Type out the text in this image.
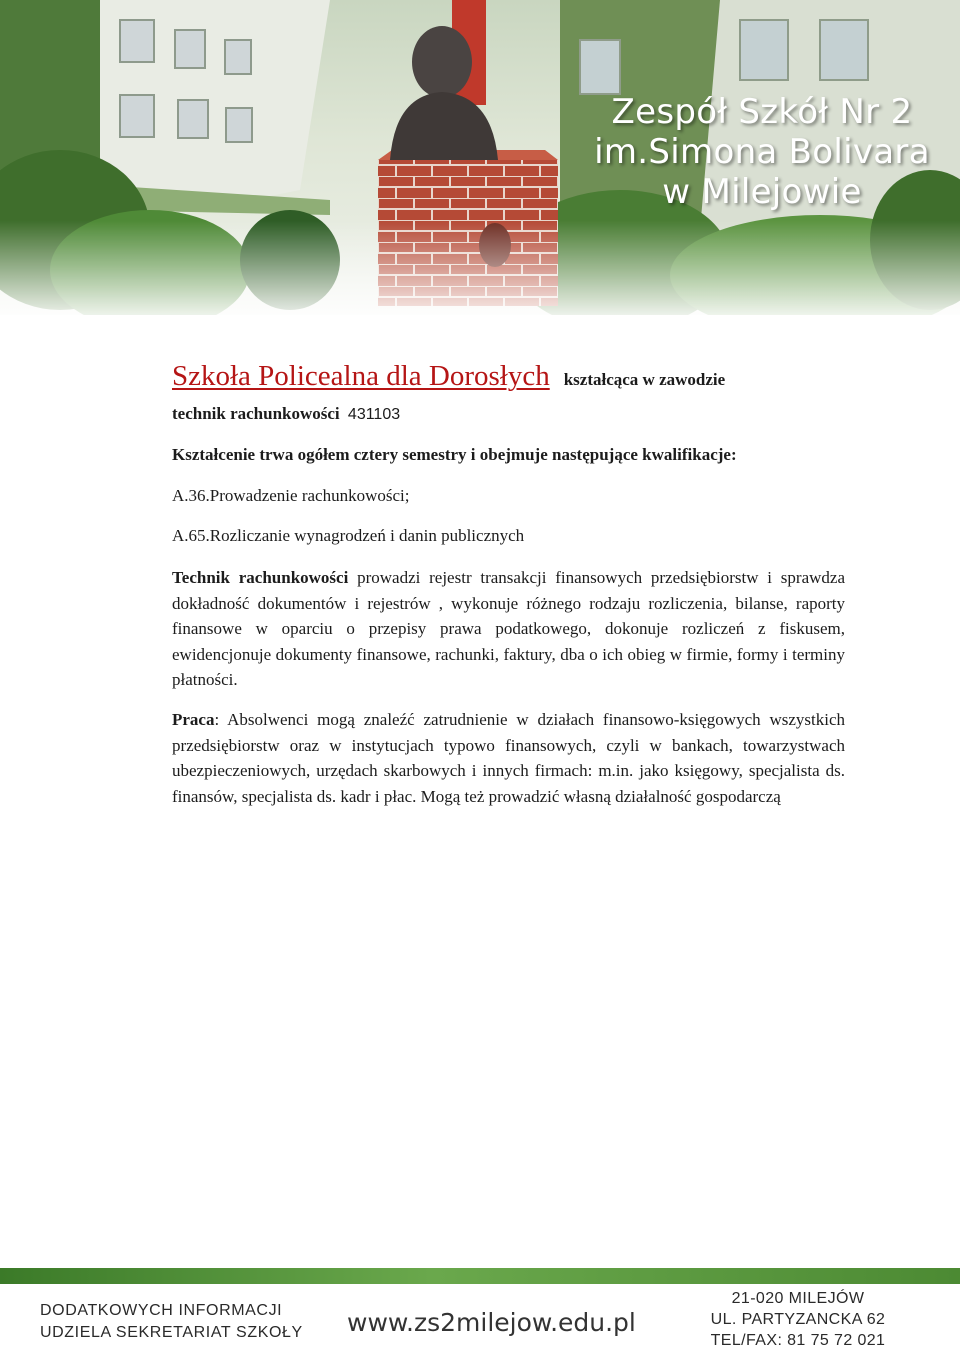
Zespół Szkół Nr 2
im.Simona Bolivara
w Milejowie
Szkoła Policealna dla Dorosłych kształcąca w zawodzie
technik rachunkowości 431103
Kształcenie trwa ogółem cztery semestry i obejmuje następujące kwalifikacje:
A.36.Prowadzenie rachunkowości;
A.65.Rozliczanie wynagrodzeń i danin publicznych
Technik rachunkowości prowadzi rejestr transakcji finansowych przedsiębiorstw i sprawdza dokładność dokumentów i rejestrów , wykonuje różnego rodzaju rozliczenia, bilanse, raporty finansowe w oparciu o przepisy prawa podatkowego, dokonuje rozliczeń z fiskusem, ewidencjonuje dokumenty finansowe, rachunki, faktury, dba o ich obieg w firmie, formy i terminy płatności.
Praca: Absolwenci mogą znaleźć zatrudnienie w działach finansowo-księgowych wszystkich przedsiębiorstw oraz w instytucjach typowo finansowych, czyli w bankach, towarzystwach ubezpieczeniowych, urzędach skarbowych i innych firmach: m.in. jako księgowy, specjalista ds. finansów, specjalista ds. kadr i płac. Mogą też prowadzić własną działalność gospodarczą
DODATKOWYCH INFORMACJI
UDZIELA SEKRETARIAT SZKOŁY www.zs2milejow.edu.pl
21-020 MILEJÓW
UL. PARTYZANCKA 62
TEL/FAX: 81 75 72 021
